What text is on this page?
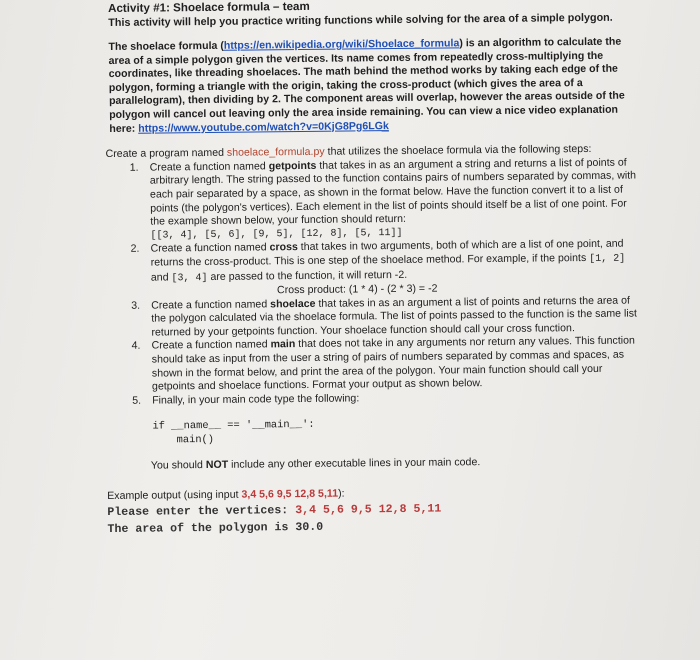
Activity #1: Shoelace formula – team
This activity will help you practice writing functions while solving for the area of a simple polygon.
The shoelace formula (https://en.wikipedia.org/wiki/Shoelace_formula) is an algorithm to calculate the area of a simple polygon given the vertices. Its name comes from repeatedly cross-multiplying the coordinates, like threading shoelaces. The math behind the method works by taking each edge of the polygon, forming a triangle with the origin, taking the cross-product (which gives the area of a parallelogram), then dividing by 2. The component areas will overlap, however the areas outside of the polygon will cancel out leaving only the area inside remaining. You can view a nice video explanation here: https://www.youtube.com/watch?v=0KjG8Pg6LGk
Create a program named shoelace_formula.py that utilizes the shoelace formula via the following steps:
1. Create a function named getpoints that takes in as an argument a string and returns a list of points of arbitrary length. The string passed to the function contains pairs of numbers separated by commas, with each pair separated by a space, as shown in the format below. Have the function convert it to a list of points (the polygon's vertices). Each element in the list of points should itself be a list of one point. For the example shown below, your function should return:
[[3, 4], [5, 6], [9, 5], [12, 8], [5, 11]]
2. Create a function named cross that takes in two arguments, both of which are a list of one point, and returns the cross-product. This is one step of the shoelace method. For example, if the points [1, 2] and [3, 4] are passed to the function, it will return -2.
Cross product: (1 * 4) - (2 * 3) = -2
3. Create a function named shoelace that takes in as an argument a list of points and returns the area of the polygon calculated via the shoelace formula. The list of points passed to the function is the same list returned by your getpoints function. Your shoelace function should call your cross function.
4. Create a function named main that does not take in any arguments nor return any values. This function should take as input from the user a string of pairs of numbers separated by commas and spaces, as shown in the format below, and print the area of the polygon. Your main function should call your getpoints and shoelace functions. Format your output as shown below.
5. Finally, in your main code type the following:
if __name__ == '__main__':
main()
You should NOT include any other executable lines in your main code.
Example output (using input 3,4 5,6 9,5 12,8 5,11):
Please enter the vertices: 3,4 5,6 9,5 12,8 5,11
The area of the polygon is 30.0
